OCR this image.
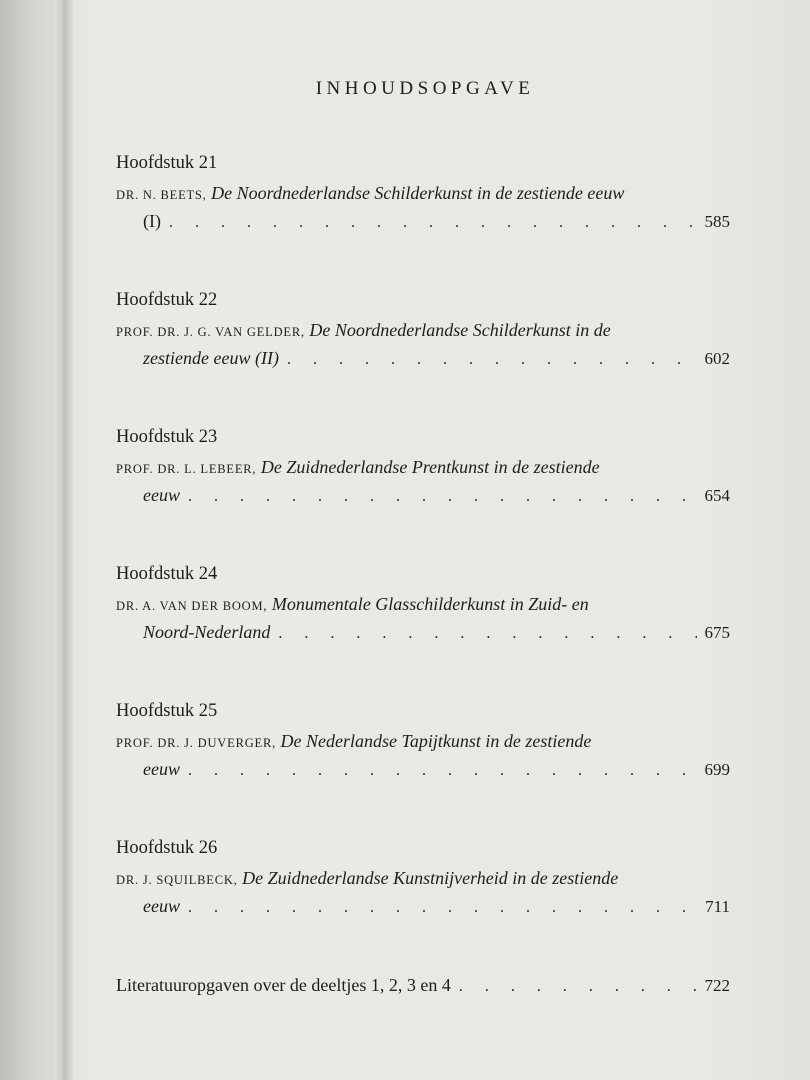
INHOUDSOPGAVE
Hoofdstuk 21
DR. N. BEETS, De Noordnederlandse Schilderkunst in de zestiende eeuw
(I) . . .	585
Hoofdstuk 22
PROF. DR. J. G. VAN GELDER, De Noordnederlandse Schilderkunst in de
zestiende eeuw (II) . . .	602
Hoofdstuk 23
PROF. DR. L. LEBEER, De Zuidnederlandse Prentkunst in de zestiende
eeuw . . .	654
Hoofdstuk 24
DR. A. VAN DER BOOM, Monumentale Glasschilderkunst in Zuid- en
Noord-Nederland . . .	675
Hoofdstuk 25
PROF. DR. J. DUVERGER, De Nederlandse Tapijtkunst in de zestiende
eeuw . . .	699
Hoofdstuk 26
DR. J. SQUILBECK, De Zuidnederlandse Kunstnijverheid in de zestiende
eeuw . . .	711
Literatuuropgaven over de deeltjes 1, 2, 3 en 4 . . .	722
